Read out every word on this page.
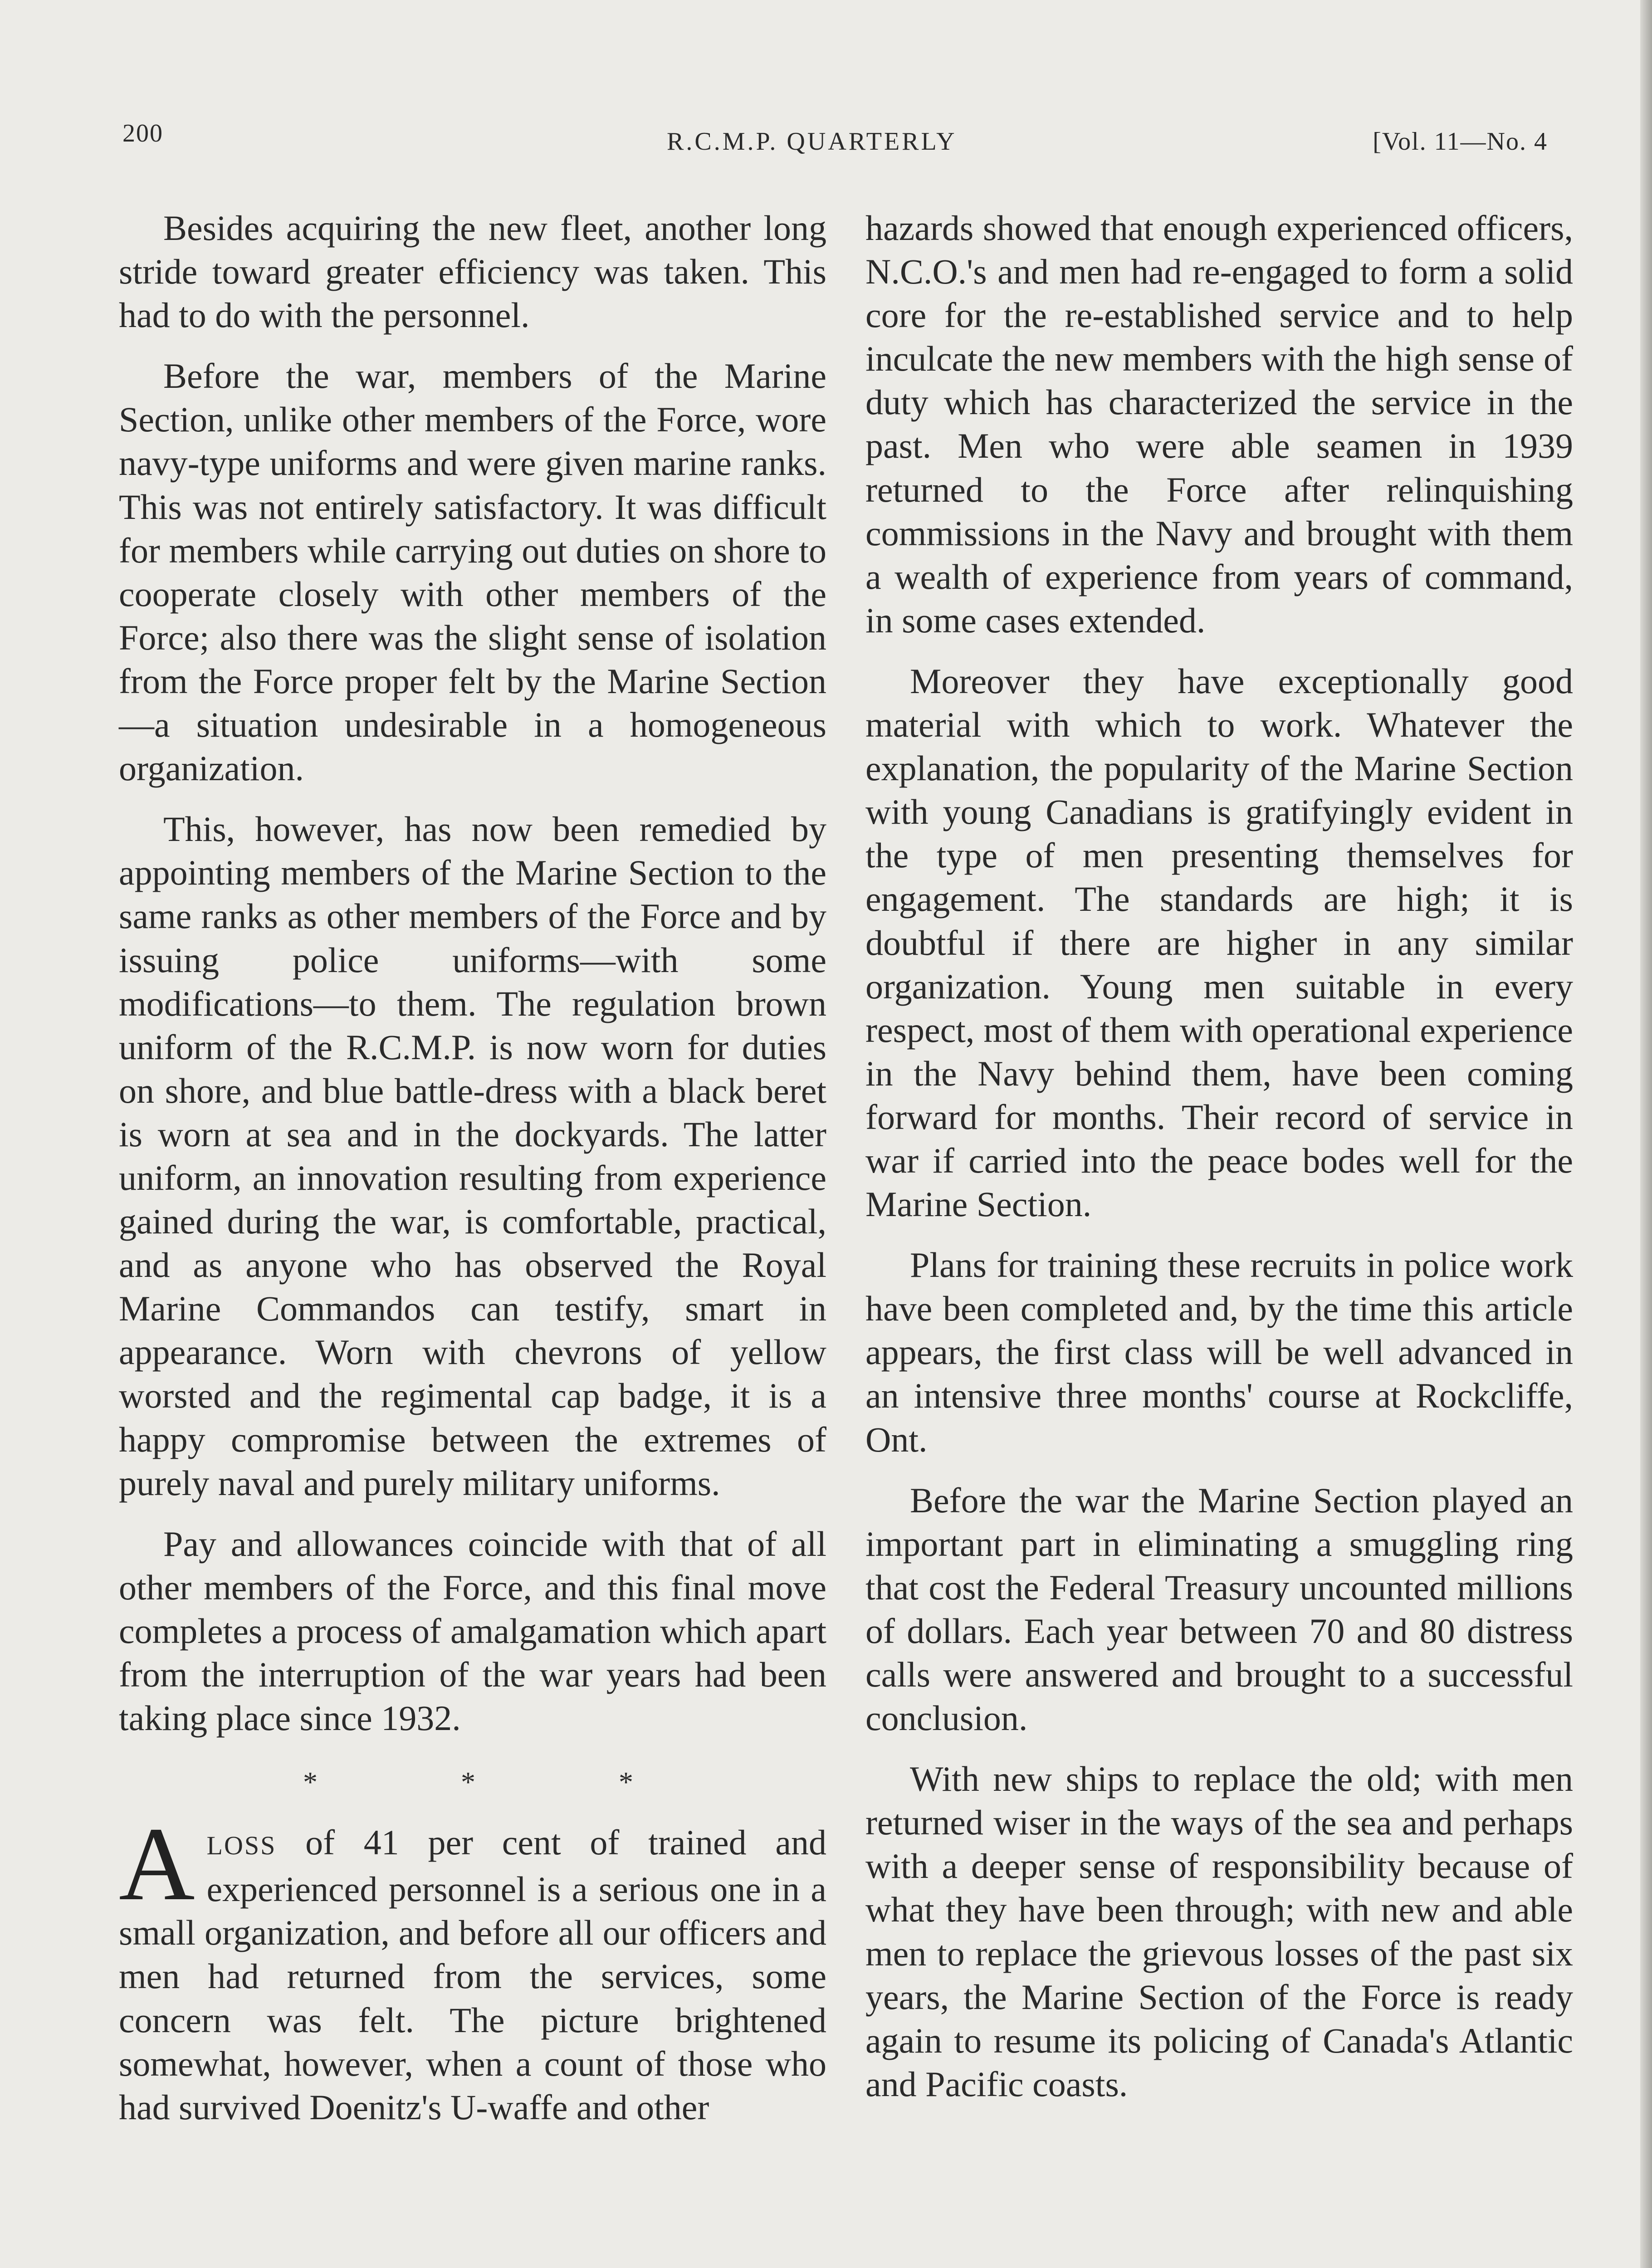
200	R.C.M.P. QUARTERLY	[Vol. 11—No. 4

Besides acquiring the new fleet, another long stride toward greater efficiency was taken. This had to do with the personnel.

Before the war, members of the Marine Section, unlike other members of the Force, wore navy-type uniforms and were given marine ranks. This was not entirely satisfactory. It was difficult for members while carrying out duties on shore to cooperate closely with other members of the Force; also there was the slight sense of isolation from the Force proper felt by the Marine Section—a situation undesirable in a homogeneous organization.

This, however, has now been remedied by appointing members of the Marine Section to the same ranks as other members of the Force and by issuing police uniforms—with some modifications—to them. The regulation brown uniform of the R.C.M.P. is now worn for duties on shore, and blue battle-dress with a black beret is worn at sea and in the dockyards. The latter uniform, an innovation resulting from experience gained during the war, is comfortable, practical, and as anyone who has observed the Royal Marine Commandos can testify, smart in appearance. Worn with chevrons of yellow worsted and the regimental cap badge, it is a happy compromise between the extremes of purely naval and purely military uniforms.

Pay and allowances coincide with that of all other members of the Force, and this final move completes a process of amalgamation which apart from the interruption of the war years had been taking place since 1932.

* * *

ALOSS of 41 per cent of trained and experienced personnel is a serious one in a small organization, and before all our officers and men had returned from the services, some concern was felt. The picture brightened somewhat, however, when a count of those who had survived Doenitz's U-waffe and other

hazards showed that enough experienced officers, N.C.O.'s and men had re-engaged to form a solid core for the re-established service and to help inculcate the new members with the high sense of duty which has characterized the service in the past. Men who were able seamen in 1939 returned to the Force after relinquishing commissions in the Navy and brought with them a wealth of experience from years of command, in some cases extended.

Moreover they have exceptionally good material with which to work. Whatever the explanation, the popularity of the Marine Section with young Canadians is gratifyingly evident in the type of men presenting themselves for engagement. The standards are high; it is doubtful if there are higher in any similar organization. Young men suitable in every respect, most of them with operational experience in the Navy behind them, have been coming forward for months. Their record of service in war if carried into the peace bodes well for the Marine Section.

Plans for training these recruits in police work have been completed and, by the time this article appears, the first class will be well advanced in an intensive three months' course at Rockcliffe, Ont.

Before the war the Marine Section played an important part in eliminating a smuggling ring that cost the Federal Treasury uncounted millions of dollars. Each year between 70 and 80 distress calls were answered and brought to a successful conclusion.

With new ships to replace the old; with men returned wiser in the ways of the sea and perhaps with a deeper sense of responsibility because of what they have been through; with new and able men to replace the grievous losses of the past six years, the Marine Section of the Force is ready again to resume its policing of Canada's Atlantic and Pacific coasts.
